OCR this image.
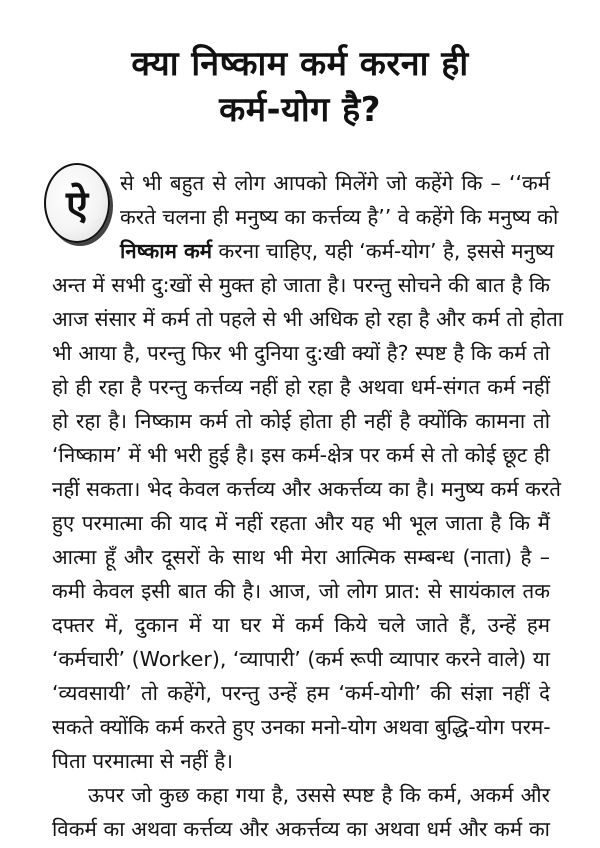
क्या निष्काम कर्म करना ही
कर्म-योग है?
ऐ	से भी बहुत से लोग आपको मिलेंगे जो कहेंगे कि – ‘‘कर्म
करते चलना ही मनुष्य का कर्त्तव्य है’’ वे कहेंगे कि मनुष्य को
निष्काम कर्म करना चाहिए, यही ‘कर्म-योग’ है, इससे मनुष्य
अन्त में सभी दु:खों से मुक्त हो जाता है। परन्तु सोचने की बात है कि
आज संसार में कर्म तो पहले से भी अधिक हो रहा है और कर्म तो होता
भी आया है, परन्तु फिर भी दुनिया दु:खी क्यों है? स्पष्ट है कि कर्म तो
हो ही रहा है परन्तु कर्त्तव्य नहीं हो रहा है अथवा धर्म-संगत कर्म नहीं
हो रहा है। निष्काम कर्म तो कोई होता ही नहीं है क्योंकि कामना तो
‘निष्काम’ में भी भरी हुई है। इस कर्म-क्षेत्र पर कर्म से तो कोई छूट ही
नहीं सकता। भेद केवल कर्त्तव्य और अकर्त्तव्य का है। मनुष्य कर्म करते
हुए परमात्मा की याद में नहीं रहता और यह भी भूल जाता है कि मैं
आत्मा हूँ और दूसरों के साथ भी मेरा आत्मिक सम्बन्ध (नाता) है –
कमी केवल इसी बात की है। आज, जो लोग प्रात: से सायंकाल तक
दफ्तर में, दुकान में या घर में कर्म किये चले जाते हैं, उन्हें हम
‘कर्मचारी’ (Worker), ‘व्यापारी’ (कर्म रूपी व्यापार करने वाले) या
‘व्यवसायी’ तो कहेंगे, परन्तु उन्हें हम ‘कर्म-योगी’ की संज्ञा नहीं दे
सकते क्योंकि कर्म करते हुए उनका मनो-योग अथवा बुद्धि-योग परम-
पिता परमात्मा से नहीं है।
ऊपर जो कुछ कहा गया है, उससे स्पष्ट है कि कर्म, अकर्म और
विकर्म का अथवा कर्त्तव्य और अकर्त्तव्य का अथवा धर्म और कर्म का
